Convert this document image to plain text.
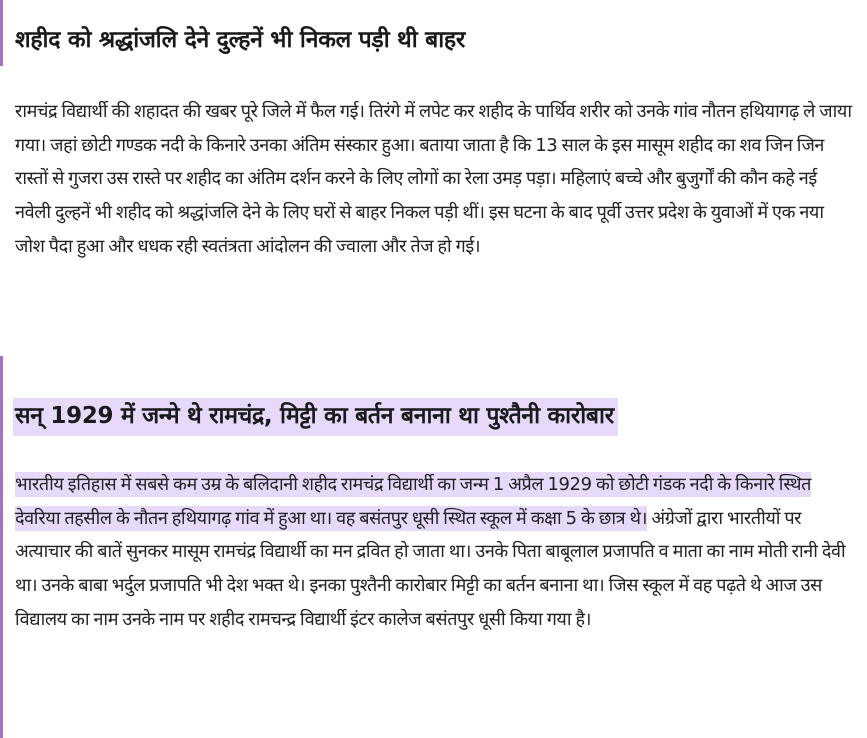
शहीद को श्रद्धांजलि देने दुल्हनें भी निकल पड़ी थी बाहर

रामचंद्र विद्यार्थी की शहादत की खबर पूरे जिले में फैल गई। तिरंगे में लपेट कर शहीद के पार्थिव शरीर को उनके गांव नौतन हथियागढ़ ले जाया गया। जहां छोटी गण्डक नदी के किनारे उनका अंतिम संस्कार हुआ। बताया जाता है कि 13 साल के इस मासूम शहीद का शव जिन जिन रास्तों से गुजरा उस रास्ते पर शहीद का अंतिम दर्शन करने के लिए लोगों का रेला उमड़ पड़ा। महिलाएं बच्चे और बुजुर्गों की कौन कहे नई नवेली दुल्हनें भी शहीद को श्रद्धांजलि देने के लिए घरों से बाहर निकल पड़ी थीं। इस घटना के बाद पूर्वी उत्तर प्रदेश के युवाओं में एक नया जोश पैदा हुआ और धधक रही स्वतंत्रता आंदोलन की ज्वाला और तेज हो गई।

सन् 1929 में जन्मे थे रामचंद्र, मिट्टी का बर्तन बनाना था पुश्तैनी कारोबार

भारतीय इतिहास में सबसे कम उम्र के बलिदानी शहीद रामचंद्र विद्यार्थी का जन्म 1 अप्रैल 1929 को छोटी गंडक नदी के किनारे स्थित देवरिया तहसील के नौतन हथियागढ़ गांव में हुआ था। वह बसंतपुर धूसी स्थित स्कूल में कक्षा 5 के छात्र थे। अंग्रेजों द्वारा भारतीयों पर अत्याचार की बातें सुनकर मासूम रामचंद्र विद्यार्थी का मन द्रवित हो जाता था। उनके पिता बाबूलाल प्रजापति व माता का नाम मोती रानी देवी था। उनके बाबा भर्दुल प्रजापति भी देश भक्त थे। इनका पुश्तैनी कारोबार मिट्टी का बर्तन बनाना था। जिस स्कूल में वह पढ़ते थे आज उस विद्यालय का नाम उनके नाम पर शहीद रामचन्द्र विद्यार्थी इंटर कालेज बसंतपुर धूसी किया गया है।
